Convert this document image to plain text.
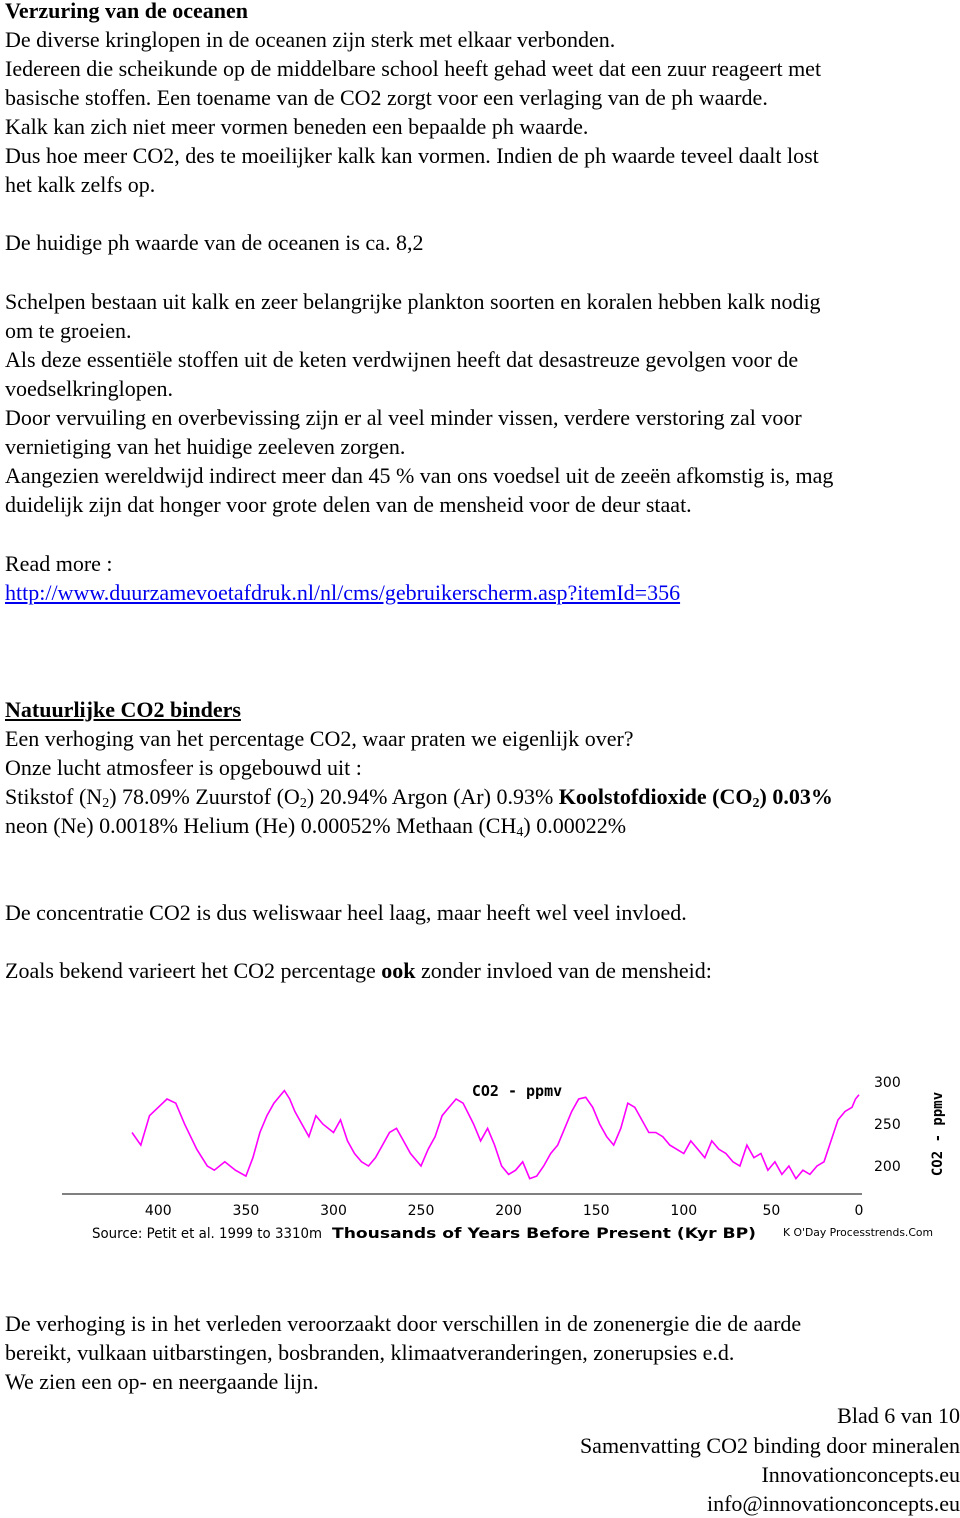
Verzuring van de oceanen
De diverse kringlopen in de oceanen zijn sterk met elkaar verbonden.
Iedereen die scheikunde op de middelbare school heeft gehad weet dat een zuur reageert met
basische stoffen. Een toename van de CO2 zorgt voor een verlaging van de ph waarde.
Kalk kan zich niet meer vormen beneden een bepaalde ph waarde.
Dus hoe meer CO2, des te moeilijker kalk kan vormen. Indien de ph waarde teveel daalt lost
het kalk zelfs op.
De huidige ph waarde van de oceanen is ca. 8,2
Schelpen bestaan uit kalk en zeer belangrijke plankton soorten en koralen hebben kalk nodig
om te groeien.
Als deze essentiële stoffen uit de keten verdwijnen heeft dat desastreuze gevolgen voor de
voedselkringlopen.
Door vervuiling en overbevissing zijn er al veel minder vissen, verdere verstoring zal voor
vernietiging van het huidige zeeleven zorgen.
Aangezien wereldwijd indirect meer dan 45 % van ons voedsel uit de zeeën afkomstig is, mag
duidelijk zijn dat honger voor grote delen van de mensheid voor de deur staat.
Read more :
http://www.duurzamevoetafdruk.nl/nl/cms/gebruikerscherm.asp?itemId=356
Natuurlijke CO2 binders
Een verhoging van het percentage CO2, waar praten we eigenlijk over?
Onze lucht atmosfeer is opgebouwd uit :
Stikstof $(N_2)$ 78.09% Zuurstof $(O_2)$ 20.94% Argon (Ar) 0.93% Koolstofdioxide $(CO_2)$ 0.03%
neon (Ne) 0.0018% Helium (He) 0.00052% Methaan $(CH_4)$ 0.00022%
De concentratie CO2 is dus weliswaar heel laag, maar heeft wel veel invloed.
Zoals bekend varieert het CO2 percentage ook zonder invloed van de mensheid:
CO2 - ppmv
CO2 - ppmv
Source: Petit et al. 1999 to 3310m Thousands of Years Before Present (Kyr BP) K O'Day Processtrends.Com
400	350	300	250	200	150	100	50	0
300
250
200
De verhoging is in het verleden veroorzaakt door verschillen in de zonenergie die de aarde
bereikt, vulkaan uitbarstingen, bosbranden, klimaatveranderingen, zonerupsies e.d.
We zien een op- en neergaande lijn.
Blad 6 van 10
Samenvatting CO2 binding door mineralen
Innovationconcepts.eu
info@innovationconcepts.eu
